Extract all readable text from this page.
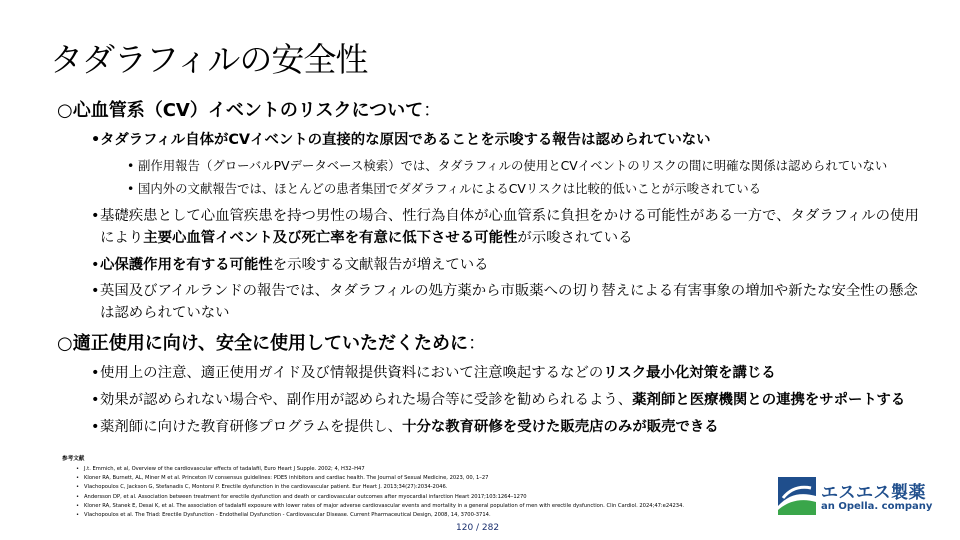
タダラフィルの安全性
○心血管系（CV）イベントのリスクについて：
• タダラフィル自体がCVイベントの直接的な原因であることを示唆する報告は認められていない
• 副作用報告（グローバルPVデータベース検索）では、タダラフィルの使用とCVイベントのリスクの間に明確な関係は認められていない
• 国内外の文献報告では、ほとんどの患者集団でダダラフィルによるCVリスクは比較的低いことが示唆されている
• 基礎疾患として心血管疾患を持つ男性の場合、性行為自体が心血管系に負担をかける可能性がある一方で、タダラフィルの使用により主要心血管イベント及び死亡率を有意に低下させる可能性が示唆されている
• 心保護作用を有する可能性を示唆する文献報告が増えている
• 英国及びアイルランドの報告では、タダラフィルの処方薬から市販薬への切り替えによる有害事象の増加や新たな安全性の懸念は認められていない
○適正使用に向け、安全に使用していただくために：
• 使用上の注意、適正使用ガイド及び情報提供資料において注意喚起するなどのリスク最小化対策を講じる
• 効果が認められない場合や、副作用が認められた場合等に受診を勧められるよう、薬剤師と医療機関との連携をサポートする
• 薬剤師に向けた教育研修プログラムを提供し、十分な教育研修を受けた販売店のみが販売できる
参考文献
• J.t. Emmich, et al, Overview of the cardiovascular effects of tadalafil, Euro Heart J Supple. 2002; 4, H32–H47
• Kloner RA, Burnett, AL, Miner M et al. Princeton IV consensus guidelines: PDE5 inhibitors and cardiac health. The Journal of Sexual Medicine, 2023, 00, 1–27
• Vlachopoulos C, Jackson G, Stefanadis C, Montorsi P. Erectile dysfunction in the cardiovascular patient. Eur Heart J. 2013;34(27):2034-2046.
• Andersson DP, et al. Association between treatment for erectile dysfunction and death or cardiovascular outcomes after myocardial infarction Heart 2017;103:1264–1270
• Kloner RA, Stanek E, Desai K, et al. The association of tadalafil exposure with lower rates of major adverse cardiovascular events and mortality in a general population of men with erectile dysfunction. Clin Cardiol. 2024;47:e24234.
• Vlachopoulos et al. The Triad: Erectile Dysfunction - Endothelial Dysfunction - Cardiovascular Disease. Current Pharmaceutical Design, 2008, 14, 3700-3714.
120 / 282
エスエス製薬
an Opella. company
